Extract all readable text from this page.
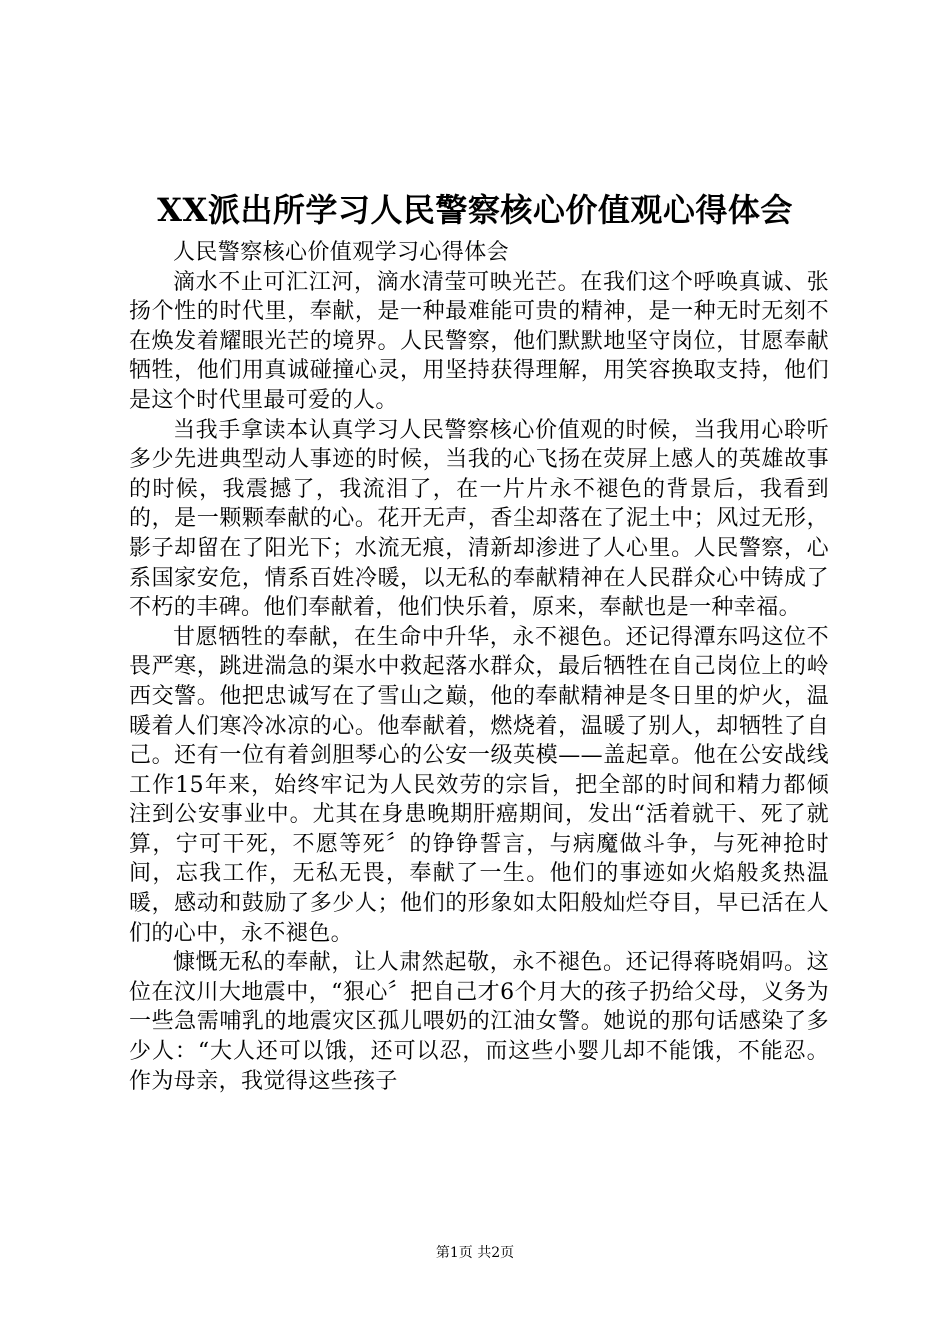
XX派出所学习人民警察核心价值观心得体会

人民警察核心价值观学习心得体会

滴水不止可汇江河，滴水清莹可映光芒。在我们这个呼唤真诚、张扬个性的时代里，奉献，是一种最难能可贵的精神，是一种无时无刻不在焕发着耀眼光芒的境界。人民警察，他们默默地坚守岗位，甘愿奉献牺牲，他们用真诚碰撞心灵，用坚持获得理解，用笑容换取支持，他们是这个时代里最可爱的人。

当我手拿读本认真学习人民警察核心价值观的时候，当我用心聆听多少先进典型动人事迹的时候，当我的心飞扬在荧屏上感人的英雄故事的时候，我震撼了，我流泪了，在一片片永不褪色的背景后，我看到的，是一颗颗奉献的心。花开无声，香尘却落在了泥土中；风过无形，影子却留在了阳光下；水流无痕，清新却渗进了人心里。人民警察，心系国家安危，情系百姓冷暖，以无私的奉献精神在人民群众心中铸成了不朽的丰碑。他们奉献着，他们快乐着，原来，奉献也是一种幸福。

甘愿牺牲的奉献，在生命中升华，永不褪色。还记得潭东吗这位不畏严寒，跳进湍急的渠水中救起落水群众，最后牺牲在自己岗位上的岭西交警。他把忠诚写在了雪山之巅，他的奉献精神是冬日里的炉火，温暖着人们寒冷冰凉的心。他奉献着，燃烧着，温暖了别人，却牺牲了自己。还有一位有着剑胆琴心的公安一级英模——盖起章。他在公安战线工作15年来，始终牢记为人民效劳的宗旨，把全部的时间和精力都倾注到公安事业中。尤其在身患晚期肝癌期间，发出“活着就干、死了就算，宁可干死，不愿等死〞的铮铮誓言，与病魔做斗争，与死神抢时间，忘我工作，无私无畏，奉献了一生。他们的事迹如火焰般炙热温暖，感动和鼓励了多少人；他们的形象如太阳般灿烂夺目，早已活在人们的心中，永不褪色。

慷慨无私的奉献，让人肃然起敬，永不褪色。还记得蒋晓娟吗。这位在汶川大地震中，“狠心〞把自己才6个月大的孩子扔给父母，义务为一些急需哺乳的地震灾区孤儿喂奶的江油女警。她说的那句话感染了多少人：“大人还可以饿，还可以忍，而这些小婴儿却不能饿，不能忍。作为母亲，我觉得这些孩子

第1页 共2页
